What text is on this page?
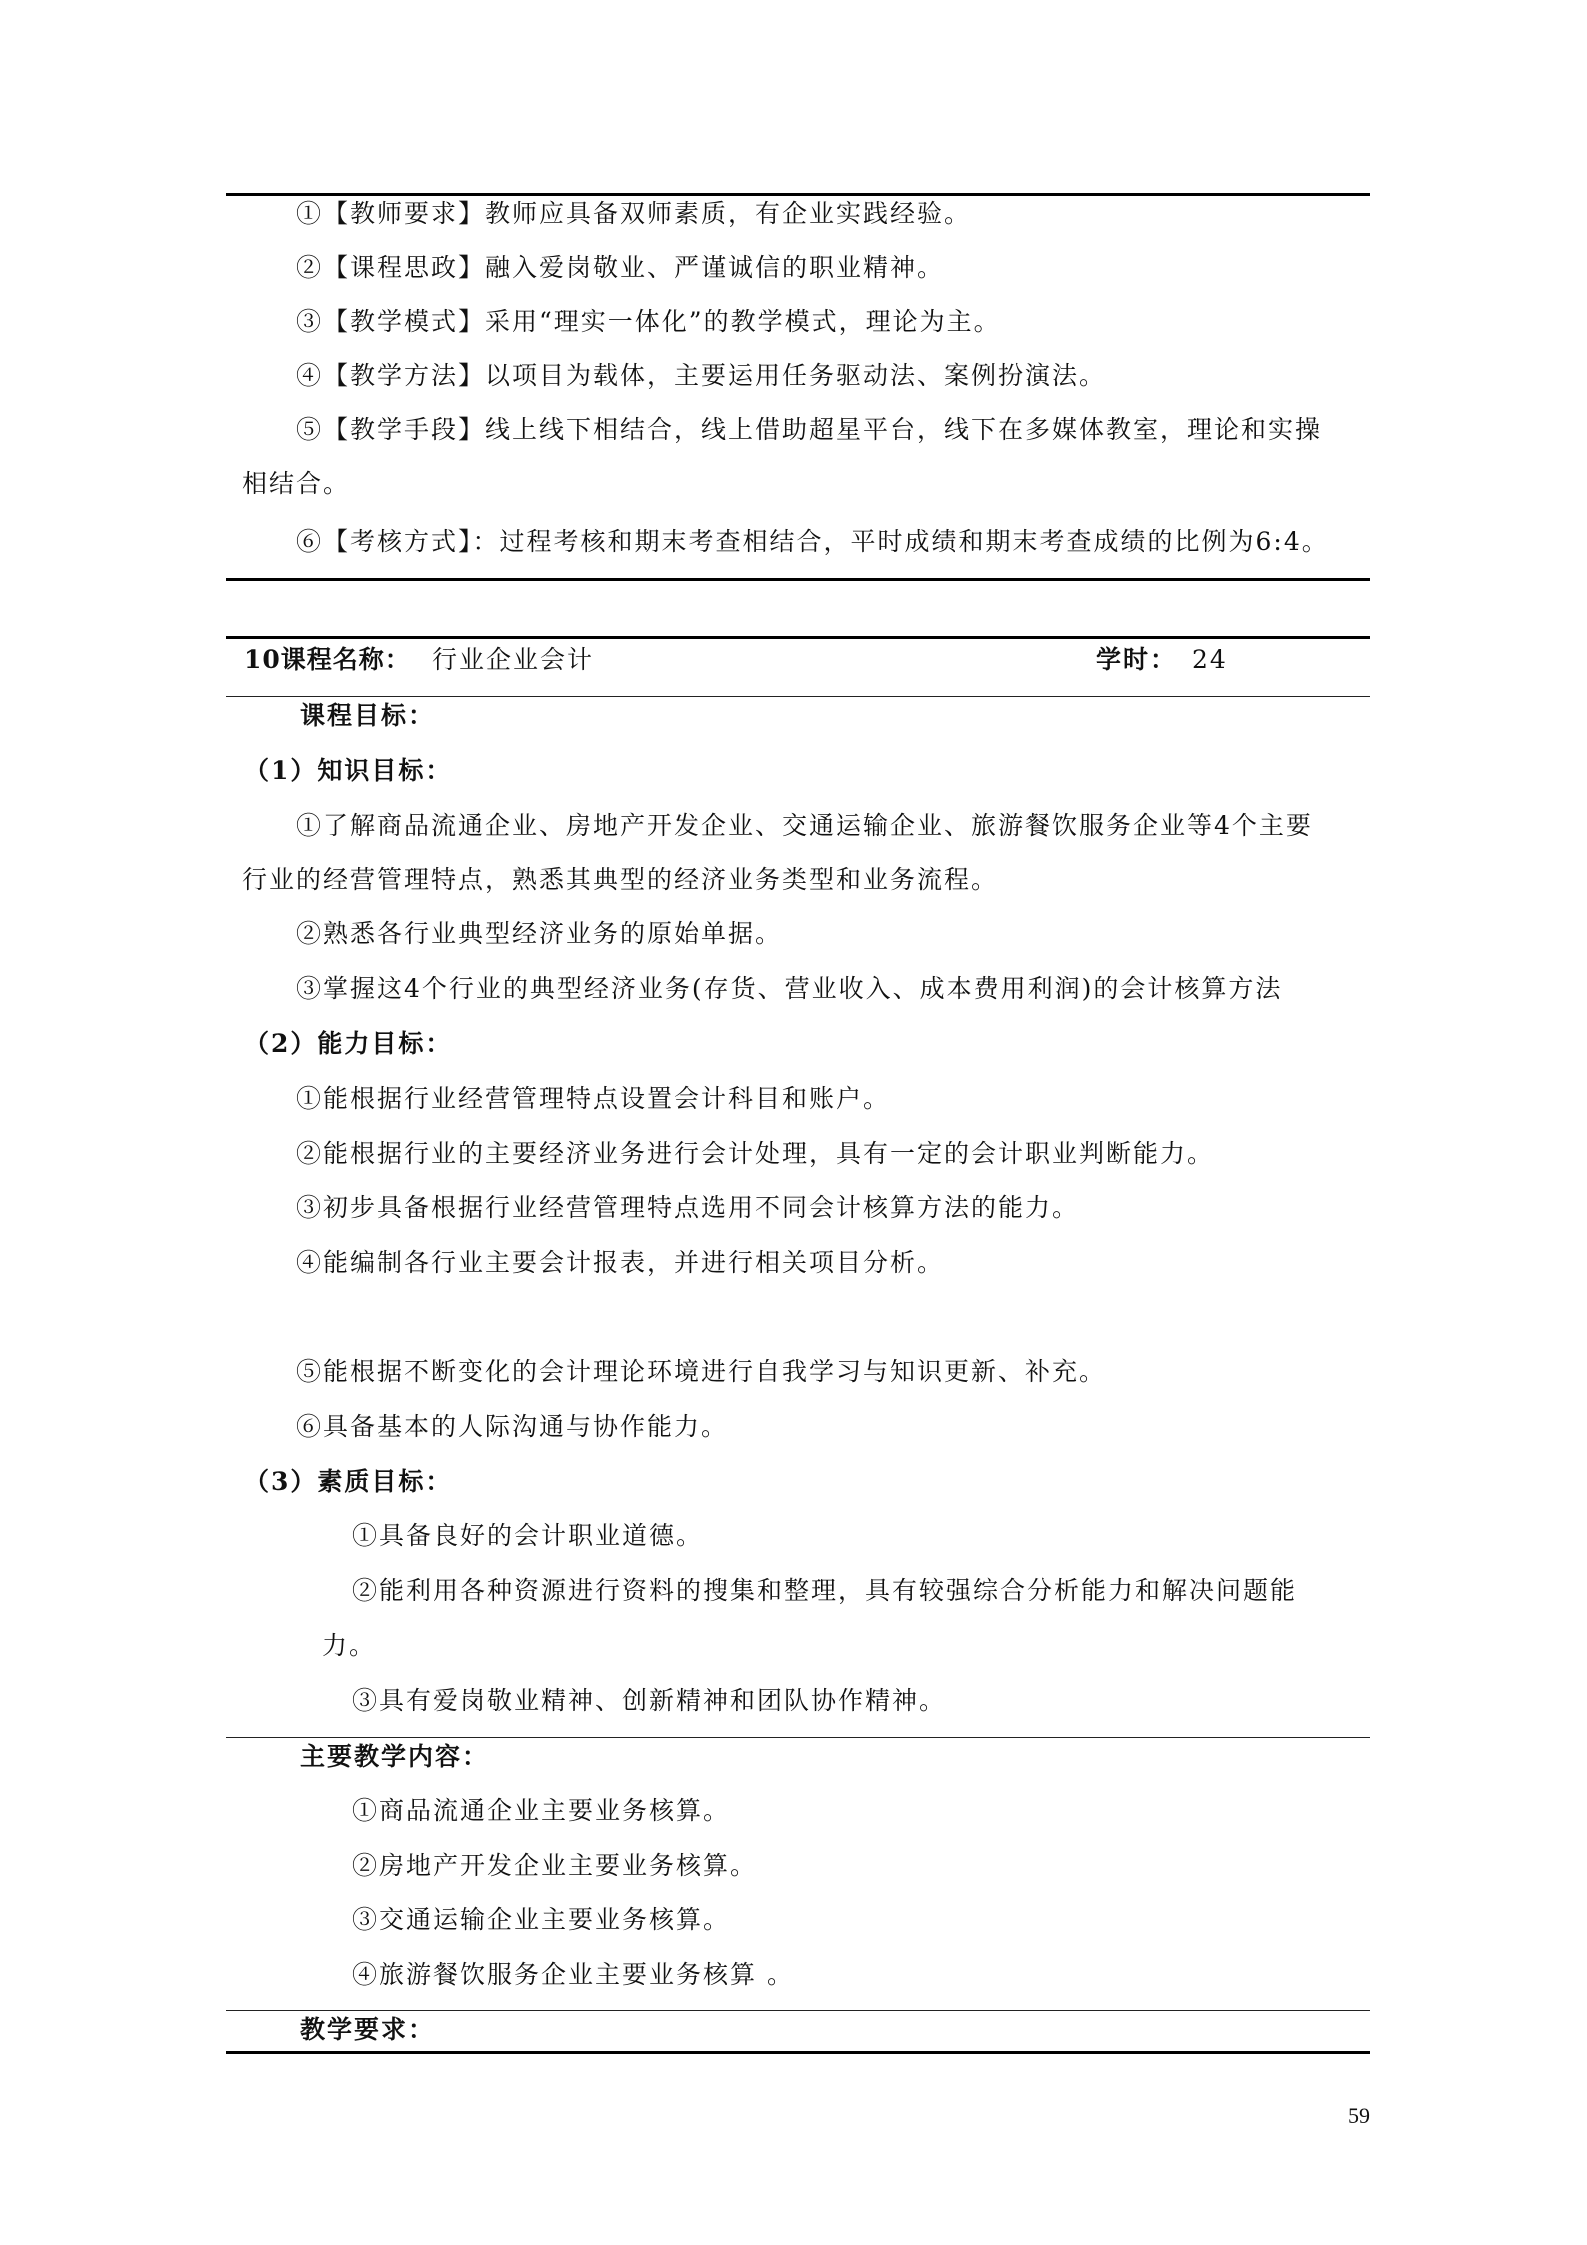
①【教师要求】教师应具备双师素质，有企业实践经验。
②【课程思政】融入爱岗敬业、严谨诚信的职业精神。
③【教学模式】采用“理实一体化”的教学模式，理论为主。
④【教学方法】以项目为载体，主要运用任务驱动法、案例扮演法。
⑤【教学手段】线上线下相结合，线上借助超星平台，线下在多媒体教室，理论和实操
相结合。
⑥【考核方式】：过程考核和期末考查相结合，平时成绩和期末考查成绩的比例为6:4。
10课程名称： 行业企业会计	学时： 24
课程目标：
（1）知识目标：
①了解商品流通企业、房地产开发企业、交通运输企业、旅游餐饮服务企业等4个主要
行业的经营管理特点，熟悉其典型的经济业务类型和业务流程。
②熟悉各行业典型经济业务的原始单据。
③掌握这4个行业的典型经济业务(存货、营业收入、成本费用利润)的会计核算方法
（2）能力目标：
①能根据行业经营管理特点设置会计科目和账户。
②能根据行业的主要经济业务进行会计处理，具有一定的会计职业判断能力。
③初步具备根据行业经营管理特点选用不同会计核算方法的能力。
④能编制各行业主要会计报表，并进行相关项目分析。
⑤能根据不断变化的会计理论环境进行自我学习与知识更新、补充。
⑥具备基本的人际沟通与协作能力。
（3）素质目标：
①具备良好的会计职业道德。
②能利用各种资源进行资料的搜集和整理，具有较强综合分析能力和解决问题能
力。
③具有爱岗敬业精神、创新精神和团队协作精神。
主要教学内容：
①商品流通企业主要业务核算。
②房地产开发企业主要业务核算。
③交通运输企业主要业务核算。
④旅游餐饮服务企业主要业务核算 。
教学要求：
59
